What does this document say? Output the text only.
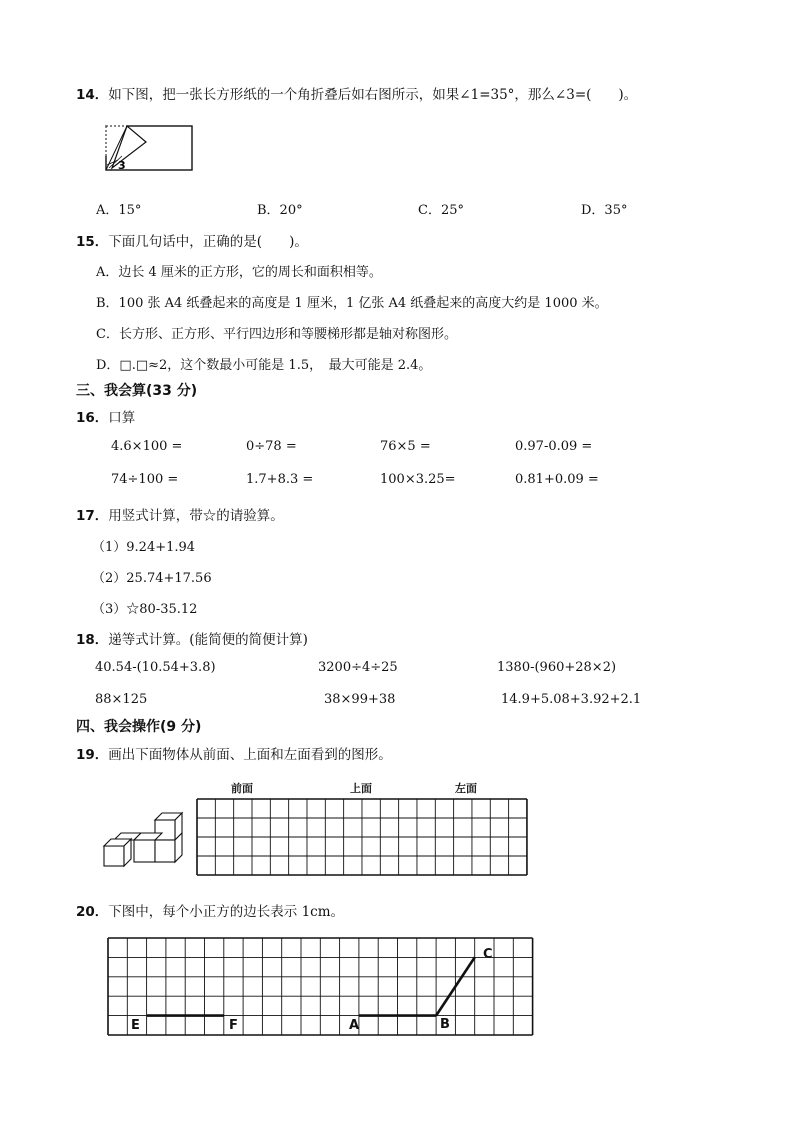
14．如下图，把一张长方形纸的一个角折叠后如右图所示，如果∠1=35°，那么∠3=(　　)。
3
A．15°	B．20°	C．25°	D．35°
15．下面几句话中，正确的是(　　)。
A．边长 4 厘米的正方形，它的周长和面积相等。
B．100 张 A4 纸叠起来的高度是 1 厘米，1 亿张 A4 纸叠起来的高度大约是 1000 米。
C．长方形、正方形、平行四边形和等腰梯形都是轴对称图形。
D．□.□≈2，这个数最小可能是 1.5，　最大可能是 2.4。
三、我会算(33 分)
16．口算
4.6×100 =	0÷78 =	76×5 =	0.97-0.09 =
74÷100 =	1.7+8.3 =	100×3.25=	0.81+0.09 =
17．用竖式计算，带☆的请验算。
（1）9.24+1.94
（2）25.74+17.56
（3）☆80-35.12
18．递等式计算。(能简便的简便计算)
40.54-(10.54+3.8)	3200÷4÷25	1380-(960+28×2)
88×125	38×99+38	14.9+5.08+3.92+2.1
四、我会操作(9 分)
19．画出下面物体从前面、上面和左面看到的图形。
前面	上面	左面
20．下图中，每个小正方的边长表示 1cm。
E	F	A	B
C
